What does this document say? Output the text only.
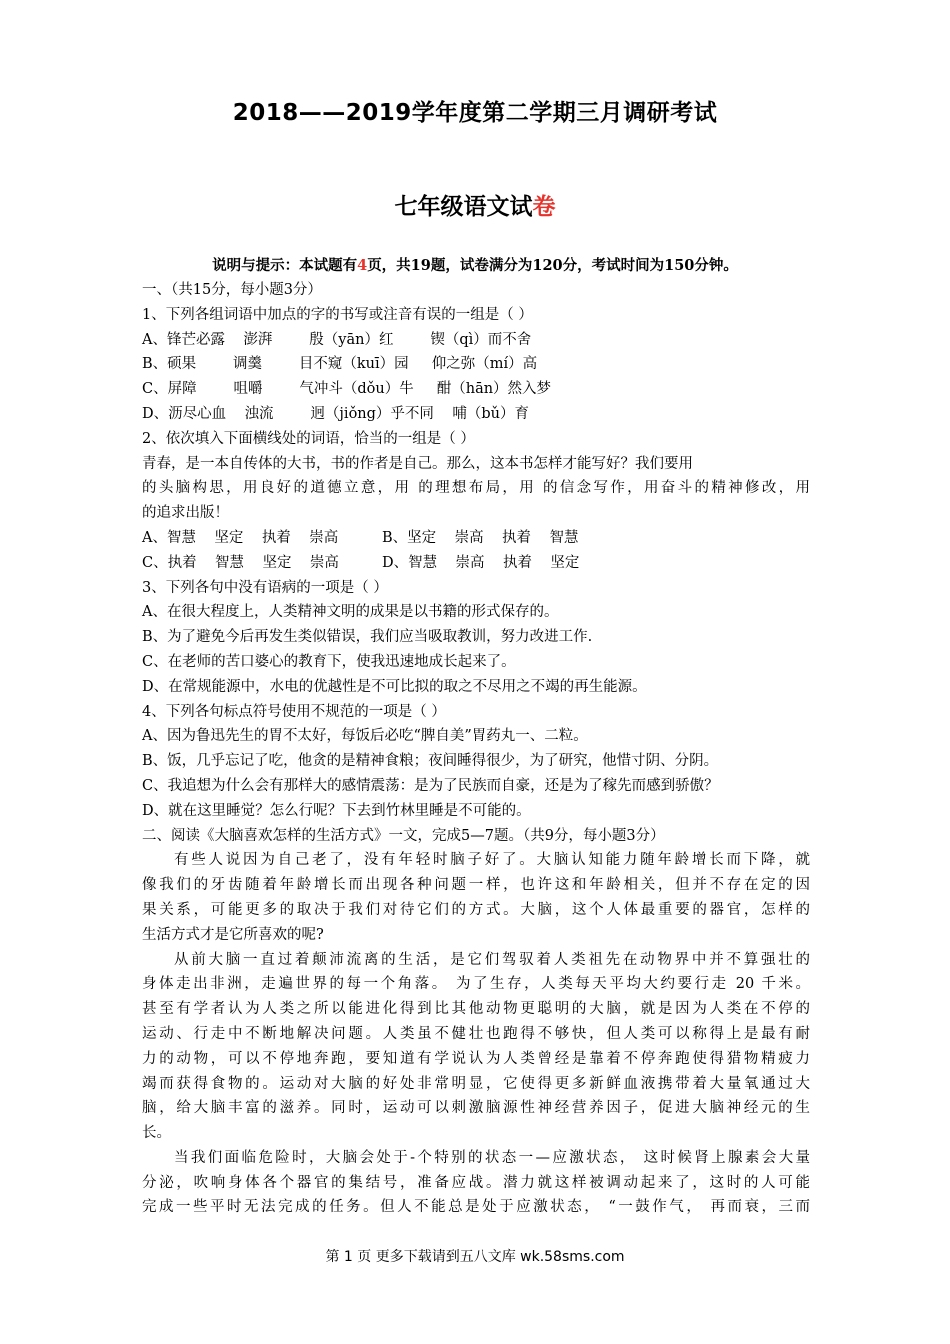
2018——2019学年度第二学期三月调研考试
七年级语文试卷
说明与提示：本试题有4页，共19题，试卷满分为120分，考试时间为150分钟。
一、（共15分，每小题3分）
1、下列各组词语中加点的字的书写或注音有误的一组是（ ）
A、锋芒必露    澎湃        殷（yān）红        锲（qì）而不舍
B、硕果        调羹        目不窥（kuī）园     仰之弥（mí）高
C、屏障        咀嚼        气冲斗（dǒu）牛     酣（hān）然入梦
D、沥尽心血    浊流        迥（jiǒng）乎不同    哺（bǔ）育
2、依次填入下面横线处的词语，恰当的一组是（ ）
青春，是一本自传体的大书，书的作者是自己。那么，这本书怎样才能写好？我们要用
的头脑构思，用良好的道德立意，用 的理想布局，用 的信念写作，用奋斗的精神修改，用
的追求出版！
A、智慧    坚定    执着    崇高	B、坚定    崇高    执着    智慧
C、执着    智慧    坚定    崇高	D、智慧    崇高    执着    坚定
3、下列各句中没有语病的一项是（ ）
A、在很大程度上，人类精神文明的成果是以书籍的形式保存的。
B、为了避免今后再发生类似错误，我们应当吸取教训，努力改进工作.
C、在老师的苦口婆心的教育下，使我迅速地成长起来了。
D、在常规能源中，水电的优越性是不可比拟的取之不尽用之不竭的再生能源。
4、下列各句标点符号使用不规范的一项是（ ）
A、因为鲁迅先生的胃不太好，每饭后必吃“脾自美”胃药丸一、二粒。
B、饭，几乎忘记了吃，他贪的是精神食粮；夜间睡得很少，为了研究，他惜寸阴、分阴。
C、我追想为什么会有那样大的感情震荡：是为了民族而自豪，还是为了稼先而感到骄傲？
D、就在这里睡觉？怎么行呢？下去到竹林里睡是不可能的。
二、阅读《大脑喜欢怎样的生活方式》一文，完成5—7题。（共9分，每小题3分）
有些人说因为自己老了，没有年轻时脑子好了。大脑认知能力随年龄增长而下降，就
像我们的牙齿随着年龄增长而出现各种问题一样，也许这和年龄相关，但并不存在定的因
果关系，可能更多的取决于我们对待它们的方式。大脑，这个人体最重要的器官，怎样的
生活方式才是它所喜欢的呢?
从前大脑一直过着颠沛流离的生活，是它们驾驭着人类祖先在动物界中并不算强壮的
身体走出非洲，走遍世界的每一个角落。 为了生存，人类每天平均大约要行走 20 千米。
甚至有学者认为人类之所以能进化得到比其他动物更聪明的大脑，就是因为人类在不停的
运动、行走中不断地解决问题。人类虽不健壮也跑得不够快，但人类可以称得上是最有耐
力的动物，可以不停地奔跑，要知道有学说认为人类曾经是靠着不停奔跑使得猎物精疲力
竭而获得食物的。运动对大脑的好处非常明显，它使得更多新鲜血液携带着大量氧通过大
脑，给大脑丰富的滋养。同时，运动可以刺激脑源性神经营养因子，促进大脑神经元的生
长。
当我们面临危险时，大脑会处于-个特别的状态一—应激状态， 这时候肾上腺素会大量
分泌，吹响身体各个器官的集结号，准备应战。潜力就这样被调动起来了，这时的人可能
完成一些平时无法完成的任务。但人不能总是处于应激状态， “一鼓作气， 再而衰，三而
第 1 页 更多下载请到五八文库 wk.58sms.com
